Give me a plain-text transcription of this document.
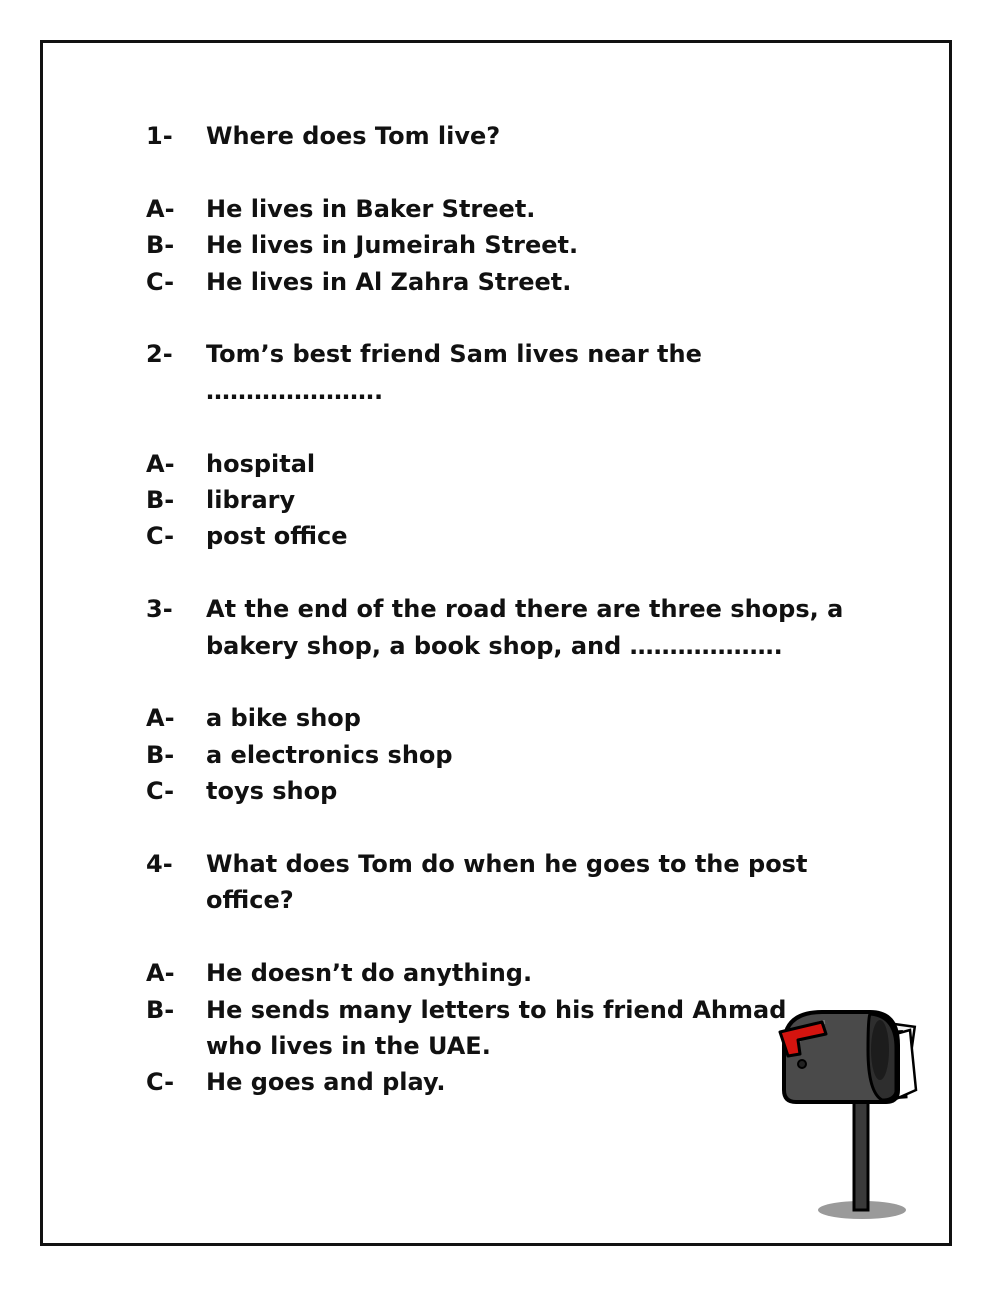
1-	Where does Tom live?
A-	He lives in Baker Street.
B-	He lives in Jumeirah Street.
C-	He lives in Al Zahra Street.
2-	Tom’s best friend Sam lives near the ………………….
A-	hospital
B-	library
C-	post office
3-	At the end of the road there are three shops, a bakery shop, a book shop, and ……………….
A-	a bike shop
B-	a electronics shop
C-	toys shop
4-	What does Tom do when he goes to the post office?
A-	He doesn’t do anything.
B-	He sends many letters to his friend Ahmad who lives in the UAE.
C-	He goes and play.
